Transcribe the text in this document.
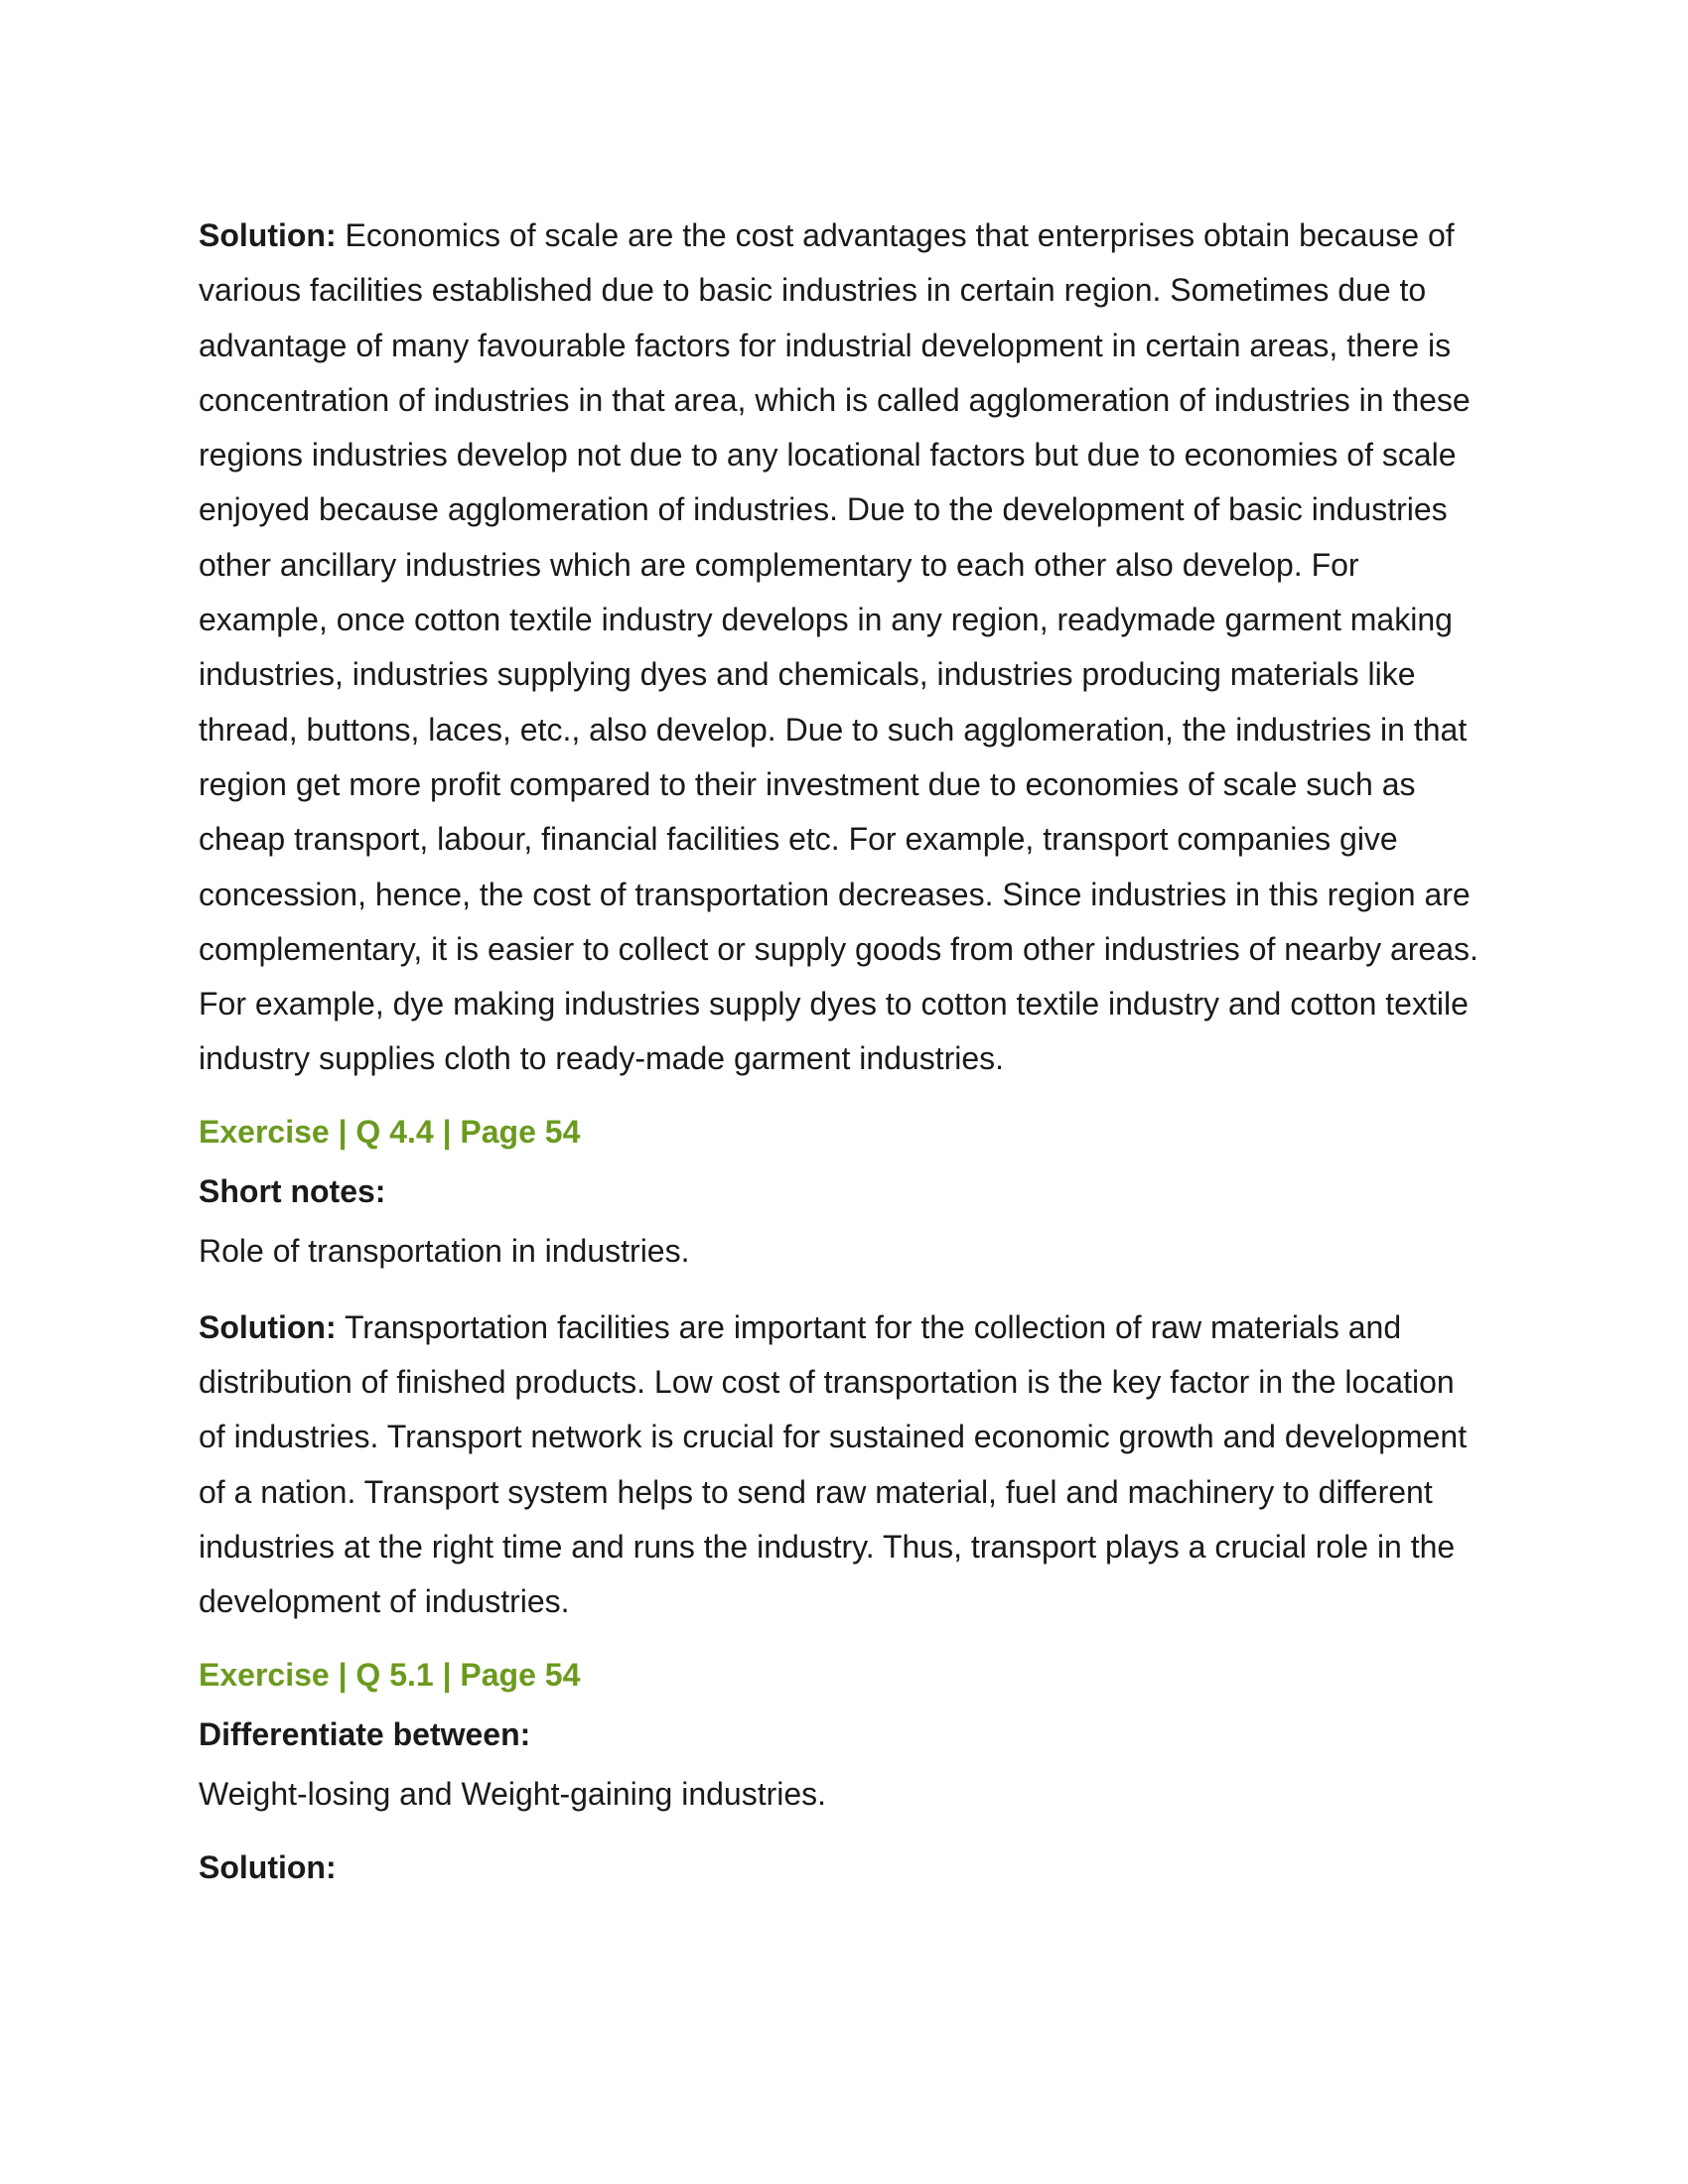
Solution: Economics of scale are the cost advantages that enterprises obtain because of various facilities established due to basic industries in certain region. Sometimes due to advantage of many favourable factors for industrial development in certain areas, there is concentration of industries in that area, which is called agglomeration of industries in these regions industries develop not due to any locational factors but due to economies of scale enjoyed because agglomeration of industries. Due to the development of basic industries other ancillary industries which are complementary to each other also develop. For example, once cotton textile industry develops in any region, readymade garment making industries, industries supplying dyes and chemicals, industries producing materials like thread, buttons, laces, etc., also develop. Due to such agglomeration, the industries in that region get more profit compared to their investment due to economies of scale such as cheap transport, labour, financial facilities etc. For example, transport companies give concession, hence, the cost of transportation decreases. Since industries in this region are complementary, it is easier to collect or supply goods from other industries of nearby areas. For example, dye making industries supply dyes to cotton textile industry and cotton textile industry supplies cloth to ready-made garment industries.

Exercise | Q 4.4 | Page 54

Short notes:

Role of transportation in industries.

Solution: Transportation facilities are important for the collection of raw materials and distribution of finished products. Low cost of transportation is the key factor in the location of industries. Transport network is crucial for sustained economic growth and development of a nation. Transport system helps to send raw material, fuel and machinery to different industries at the right time and runs the industry. Thus, transport plays a crucial role in the development of industries.

Exercise | Q 5.1 | Page 54

Differentiate between:

Weight-losing and Weight-gaining industries.

Solution:
